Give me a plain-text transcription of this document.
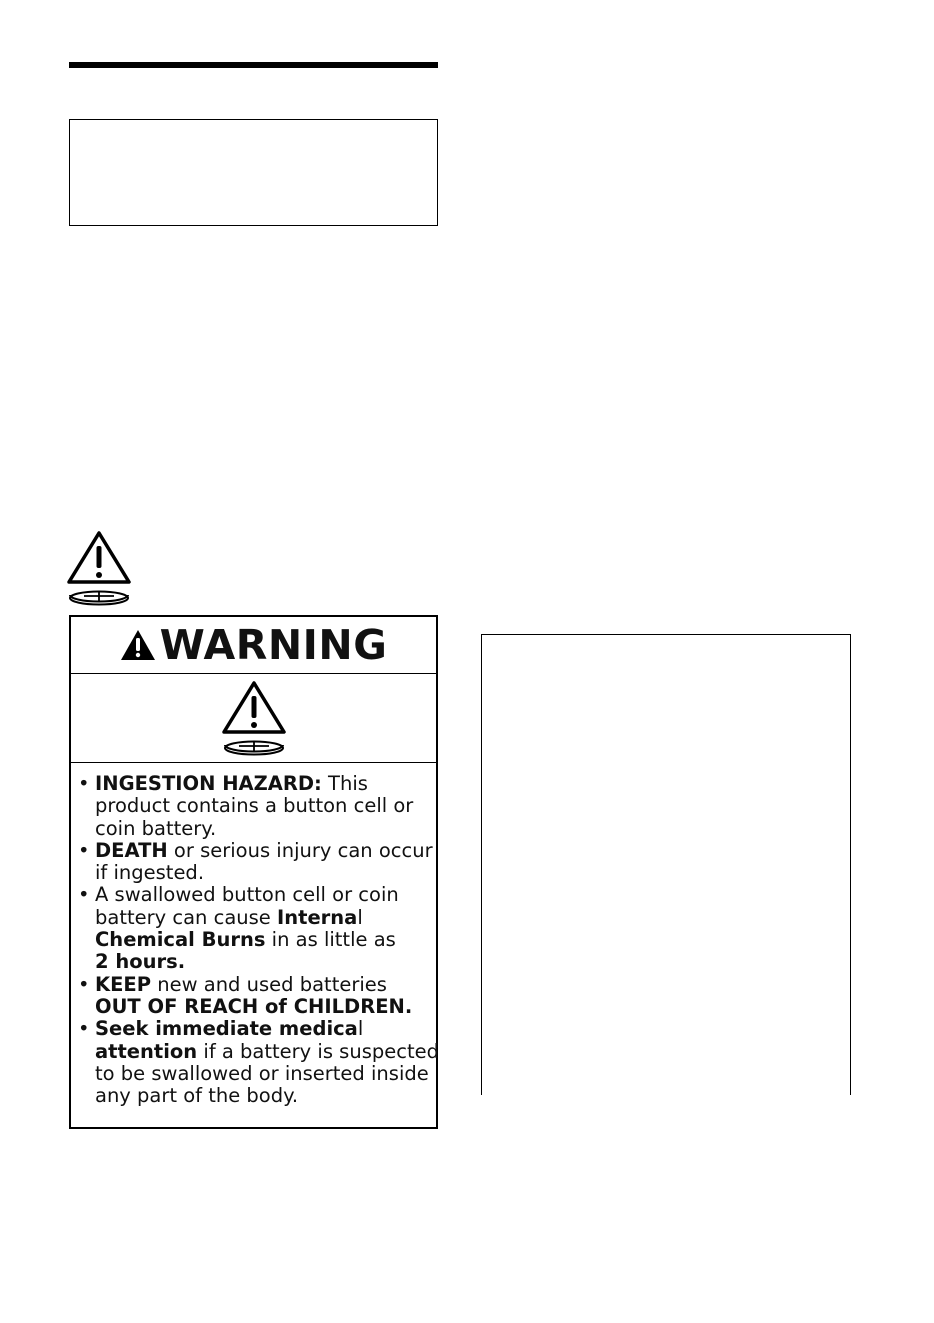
WARNING
• INGESTION HAZARD: This
product contains a button cell or
coin battery.
• DEATH or serious injury can occur
if ingested.
• A swallowed button cell or coin
battery can cause Internal
Chemical Burns in as little as
2 hours.
• KEEP new and used batteries
OUT OF REACH of CHILDREN.
• Seek immediate medical
attention if a battery is suspected
to be swallowed or inserted inside
any part of the body.
